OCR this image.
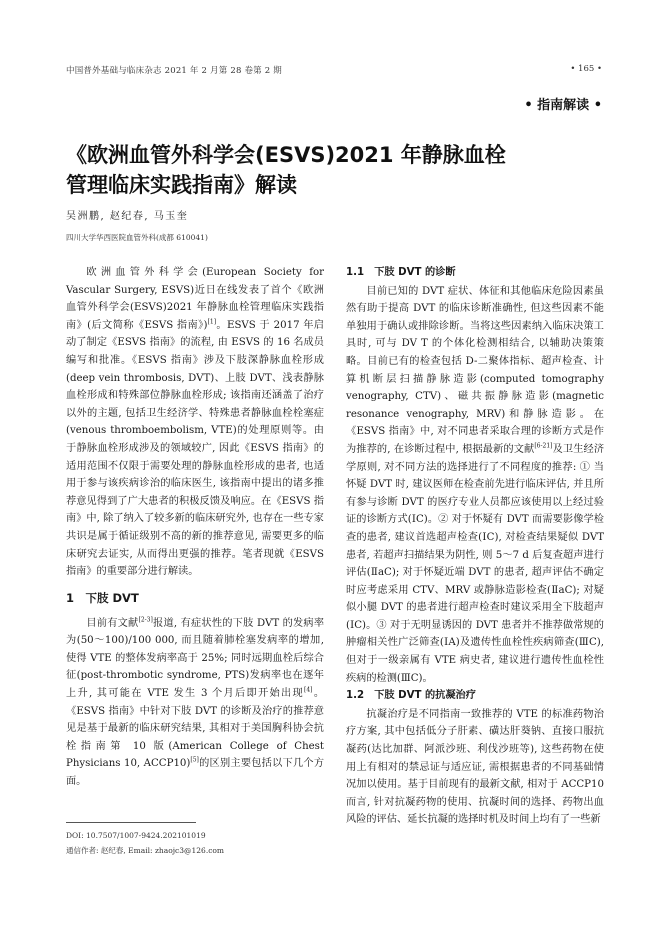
中国普外基础与临床杂志 2021 年 2 月第 28 卷第 2 期	• 165 •
• 指南解读 •
《欧洲血管外科学会(ESVS)2021 年静脉血栓管理临床实践指南》解读
吴洲鹏, 赵纪春, 马玉奎
四川大学华西医院血管外科(成都 610041)

欧洲血管外科学会(European Society for Vascular Surgery, ESVS)近日在线发表了首个《欧洲血管外科学会(ESVS)2021 年静脉血栓管理临床实践指南》(后文简称《ESVS 指南》)[1]。ESVS 于 2017 年启动了制定《ESVS 指南》的流程, 由 ESVS 的 16 名成员编写和批准。《ESVS 指南》涉及下肢深静脉血栓形成(deep vein thrombosis, DVT)、上肢 DVT、浅表静脉血栓形成和特殊部位静脉血栓形成; 该指南还涵盖了治疗以外的主题, 包括卫生经济学、特殊患者静脉血栓栓塞症(venous thromboembolism, VTE)的处理原则等。由于静脉血栓形成涉及的领域较广, 因此《ESVS 指南》的适用范围不仅限于需要处理的静脉血栓形成的患者, 也适用于参与该疾病诊治的临床医生, 该指南中提出的诸多推荐意见得到了广大患者的积极反馈及响应。在《ESVS 指南》中, 除了纳入了较多新的临床研究外, 也存在一些专家共识是属于循证级别不高的新的推荐意见, 需要更多的临床研究去证实, 从而得出更强的推荐。笔者现就《ESVS 指南》的重要部分进行解读。

1　下肢 DVT

目前有文献[2-3]报道, 有症状性的下肢 DVT 的发病率为(50～100)/100 000, 而且随着肺栓塞发病率的增加, 使得 VTE 的整体发病率高于 25%; 同时远期血栓后综合征(post-thrombotic syndrome, PTS)发病率也在逐年上升, 其可能在 VTE 发生 3 个月后即开始出现[4]。《ESVS 指南》中针对下肢 DVT 的诊断及治疗的推荐意见是基于最新的临床研究结果, 其相对于美国胸科协会抗栓指南第 10 版(American College of Chest Physicians 10, ACCP10)[5]的区别主要包括以下几个方面。

1.1　下肢 DVT 的诊断

目前已知的 DVT 症状、体征和其他临床危险因素虽然有助于提高 DVT 的临床诊断准确性, 但这些因素不能单独用于确认或排除诊断。当将这些因素纳入临床决策工具时, 可与 DV T 的个体化检测相结合, 以辅助决策策略。目前已有的检查包括 D-二聚体指标、超声检查、计算机断层扫描静脉造影(computed tomography venography, CTV)、磁共振静脉造影(magnetic resonance venography, MRV)和静脉造影。在《ESVS 指南》中, 对不同患者采取合理的诊断方式是作为推荐的, 在诊断过程中, 根据最新的文献[6-21]及卫生经济学原则, 对不同方法的选择进行了不同程度的推荐: ① 当怀疑 DVT 时, 建议医师在检查前先进行临床评估, 并且所有参与诊断 DVT 的医疗专业人员都应该使用以上经过验证的诊断方式(ⅠC)。② 对于怀疑有 DVT 而需要影像学检查的患者, 建议首选超声检查(ⅠC), 对检查结果疑似 DVT 患者, 若超声扫描结果为阴性, 则 5～7 d 后复查超声进行评估(ⅡaC); 对于怀疑近端 DVT 的患者, 超声评估不确定时应考虑采用 CTV、MRV 或静脉造影检查(ⅡaC); 对疑似小腿 DVT 的患者进行超声检查时建议采用全下肢超声(ⅠC)。③ 对于无明显诱因的 DVT 患者并不推荐做常规的肿瘤相关性广泛筛查(ⅠA)及遗传性血栓性疾病筛查(ⅢC), 但对于一级亲属有 VTE 病史者, 建议进行遗传性血栓性疾病的检测(ⅢC)。

1.2　下肢 DVT 的抗凝治疗

抗凝治疗是不同指南一致推荐的 VTE 的标准药物治疗方案, 其中包括低分子肝素、磺达肝葵钠、直接口服抗凝药(达比加群、阿派沙班、利伐沙班等), 这些药物在使用上有相对的禁忌证与适应证, 需根据患者的不同基础情况加以使用。基于目前现有的最新文献, 相对于 ACCP10 而言, 针对抗凝药物的使用、抗凝时间的选择、药物出血风险的评估、延长抗凝的选择时机及时间上均有了一些新

DOI: 10.7507/1007-9424.202101019
通信作者: 赵纪春, Email: zhaojc3@126.com
